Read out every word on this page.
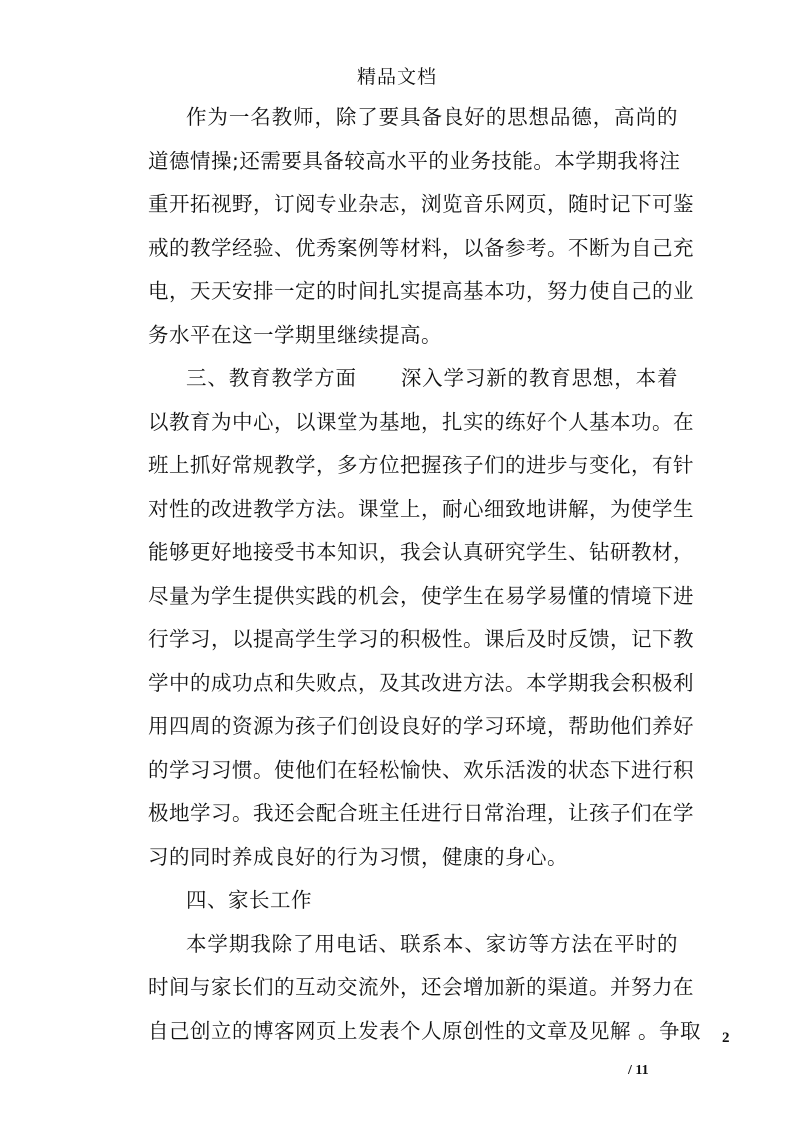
精品文档
作为一名教师，除了要具备良好的思想品德，高尚的
道德情操;还需要具备较高水平的业务技能。本学期我将注
重开拓视野，订阅专业杂志，浏览音乐网页，随时记下可鉴
戒的教学经验、优秀案例等材料，以备参考。不断为自己充
电，天天安排一定的时间扎实提高基本功，努力使自己的业
务水平在这一学期里继续提高。
三、教育教学方面 深入学习新的教育思想，本着
以教育为中心，以课堂为基地，扎实的练好个人基本功。在
班上抓好常规教学，多方位把握孩子们的进步与变化，有针
对性的改进教学方法。课堂上，耐心细致地讲解，为使学生
能够更好地接受书本知识，我会认真研究学生、钻研教材，
尽量为学生提供实践的机会，使学生在易学易懂的情境下进
行学习，以提高学生学习的积极性。课后及时反馈，记下教
学中的成功点和失败点，及其改进方法。本学期我会积极利
用四周的资源为孩子们创设良好的学习环境，帮助他们养好
的学习习惯。使他们在轻松愉快、欢乐活泼的状态下进行积
极地学习。我还会配合班主任进行日常治理，让孩子们在学
习的同时养成良好的行为习惯，健康的身心。
四、家长工作
本学期我除了用电话、联系本、家访等方法在平时的
时间与家长们的互动交流外，还会增加新的渠道。并努力在
自己创立的博客网页上发表个人原创性的文章及见解 。争取 2
/ 11
